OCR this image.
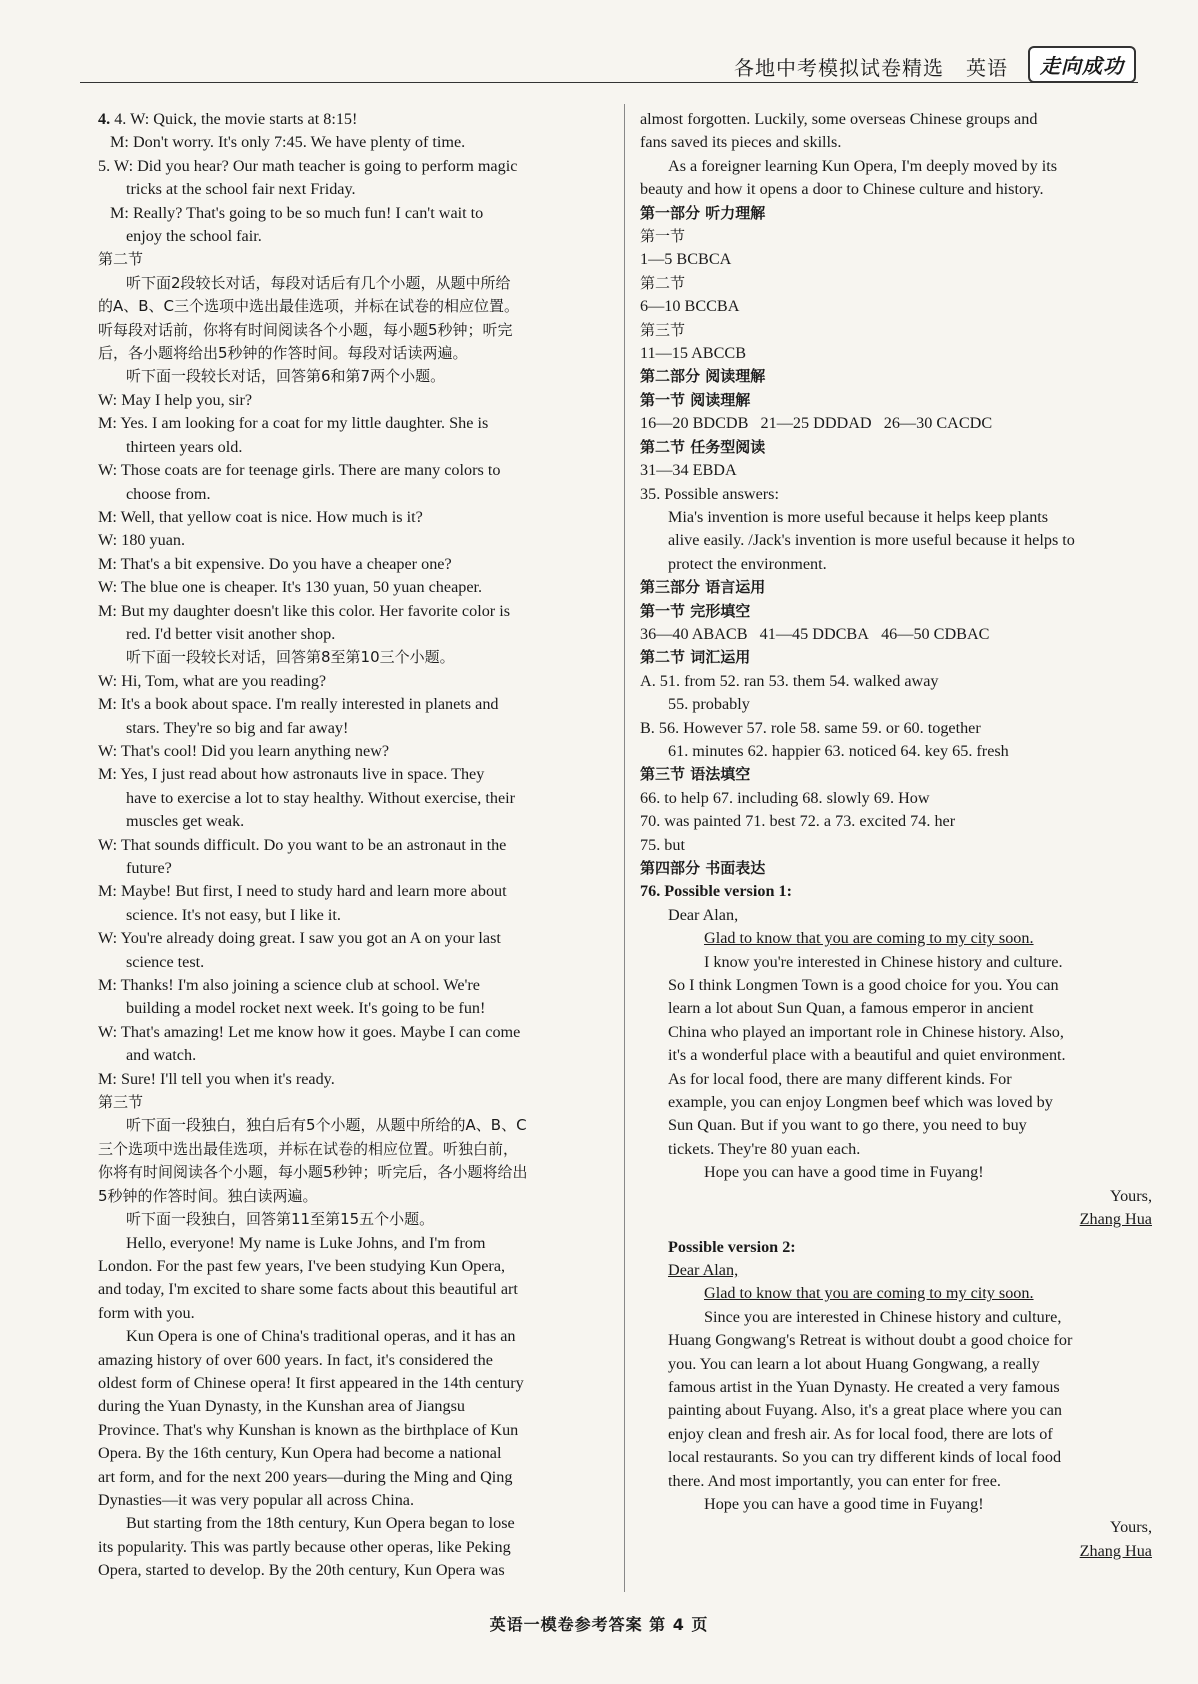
各地中考模拟试卷精选 英语	走向成功

4. 4. W: Quick, the movie starts at 8:15!

M: Don't worry. It's only 7:45. We have plenty of time.

5. W: Did you hear? Our math teacher is going to perform magic

tricks at the school fair next Friday.

M: Really? That's going to be so much fun! I can't wait to

enjoy the school fair.

第二节

听下面2段较长对话，每段对话后有几个小题，从题中所给

的A、B、C三个选项中选出最佳选项，并标在试卷的相应位置。

听每段对话前，你将有时间阅读各个小题，每小题5秒钟；听完

后，各小题将给出5秒钟的作答时间。每段对话读两遍。

听下面一段较长对话，回答第6和第7两个小题。

W: May I help you, sir?

M: Yes. I am looking for a coat for my little daughter. She is

thirteen years old.

W: Those coats are for teenage girls. There are many colors to

choose from.

M: Well, that yellow coat is nice. How much is it?

W: 180 yuan.

M: That's a bit expensive. Do you have a cheaper one?

W: The blue one is cheaper. It's 130 yuan, 50 yuan cheaper.

M: But my daughter doesn't like this color. Her favorite color is

red. I'd better visit another shop.

听下面一段较长对话，回答第8至第10三个小题。

W: Hi, Tom, what are you reading?

M: It's a book about space. I'm really interested in planets and

stars. They're so big and far away!

W: That's cool! Did you learn anything new?

M: Yes, I just read about how astronauts live in space. They

have to exercise a lot to stay healthy. Without exercise, their

muscles get weak.

W: That sounds difficult. Do you want to be an astronaut in the

future?

M: Maybe! But first, I need to study hard and learn more about

science. It's not easy, but I like it.

W: You're already doing great. I saw you got an A on your last

science test.

M: Thanks! I'm also joining a science club at school. We're

building a model rocket next week. It's going to be fun!

W: That's amazing! Let me know how it goes. Maybe I can come

and watch.

M: Sure! I'll tell you when it's ready.

第三节

听下面一段独白，独白后有5个小题，从题中所给的A、B、C

三个选项中选出最佳选项，并标在试卷的相应位置。听独白前，

你将有时间阅读各个小题，每小题5秒钟；听完后，各小题将给出

5秒钟的作答时间。独白读两遍。

听下面一段独白，回答第11至第15五个小题。

Hello, everyone! My name is Luke Johns, and I'm from

London. For the past few years, I've been studying Kun Opera,

and today, I'm excited to share some facts about this beautiful art

form with you.

Kun Opera is one of China's traditional operas, and it has an

amazing history of over 600 years. In fact, it's considered the

oldest form of Chinese opera! It first appeared in the 14th century

during the Yuan Dynasty, in the Kunshan area of Jiangsu

Province. That's why Kunshan is known as the birthplace of Kun

Opera. By the 16th century, Kun Opera had become a national

art form, and for the next 200 years—during the Ming and Qing

Dynasties—it was very popular all across China.

But starting from the 18th century, Kun Opera began to lose

its popularity. This was partly because other operas, like Peking

Opera, started to develop. By the 20th century, Kun Opera was

almost forgotten. Luckily, some overseas Chinese groups and

fans saved its pieces and skills.

As a foreigner learning Kun Opera, I'm deeply moved by its

beauty and how it opens a door to Chinese culture and history.

第一部分 听力理解

第一节

1—5 BCBCA

第二节

6—10 BCCBA

第三节

11—15 ABCCB

第二部分 阅读理解

第一节 阅读理解

16—20 BDCDB 21—25 DDDAD 26—30 CACDC

第二节 任务型阅读

31—34 EBDA

35. Possible answers:

Mia's invention is more useful because it helps keep plants

alive easily. /Jack's invention is more useful because it helps to

protect the environment.

第三部分 语言运用

第一节 完形填空

36—40 ABACB 41—45 DDCBA 46—50 CDBAC

第二节 词汇运用

A. 51. from 52. ran 53. them 54. walked away

55. probably

B. 56. However 57. role 58. same 59. or 60. together

61. minutes 62. happier 63. noticed 64. key 65. fresh

第三节 语法填空

66. to help 67. including 68. slowly 69. How

70. was painted 71. best 72. a 73. excited 74. her

75. but

第四部分 书面表达

76. Possible version 1:

Dear Alan,

Glad to know that you are coming to my city soon.

I know you're interested in Chinese history and culture.

So I think Longmen Town is a good choice for you. You can

learn a lot about Sun Quan, a famous emperor in ancient

China who played an important role in Chinese history. Also,

it's a wonderful place with a beautiful and quiet environment.

As for local food, there are many different kinds. For

example, you can enjoy Longmen beef which was loved by

Sun Quan. But if you want to go there, you need to buy

tickets. They're 80 yuan each.

Hope you can have a good time in Fuyang!

Yours,

Zhang Hua

Possible version 2:

Dear Alan,

Glad to know that you are coming to my city soon.

Since you are interested in Chinese history and culture,

Huang Gongwang's Retreat is without doubt a good choice for

you. You can learn a lot about Huang Gongwang, a really

famous artist in the Yuan Dynasty. He created a very famous

painting about Fuyang. Also, it's a great place where you can

enjoy clean and fresh air. As for local food, there are lots of

local restaurants. So you can try different kinds of local food

there. And most importantly, you can enter for free.

Hope you can have a good time in Fuyang!

Yours,

Zhang Hua

英语一模卷参考答案 第 4 页
